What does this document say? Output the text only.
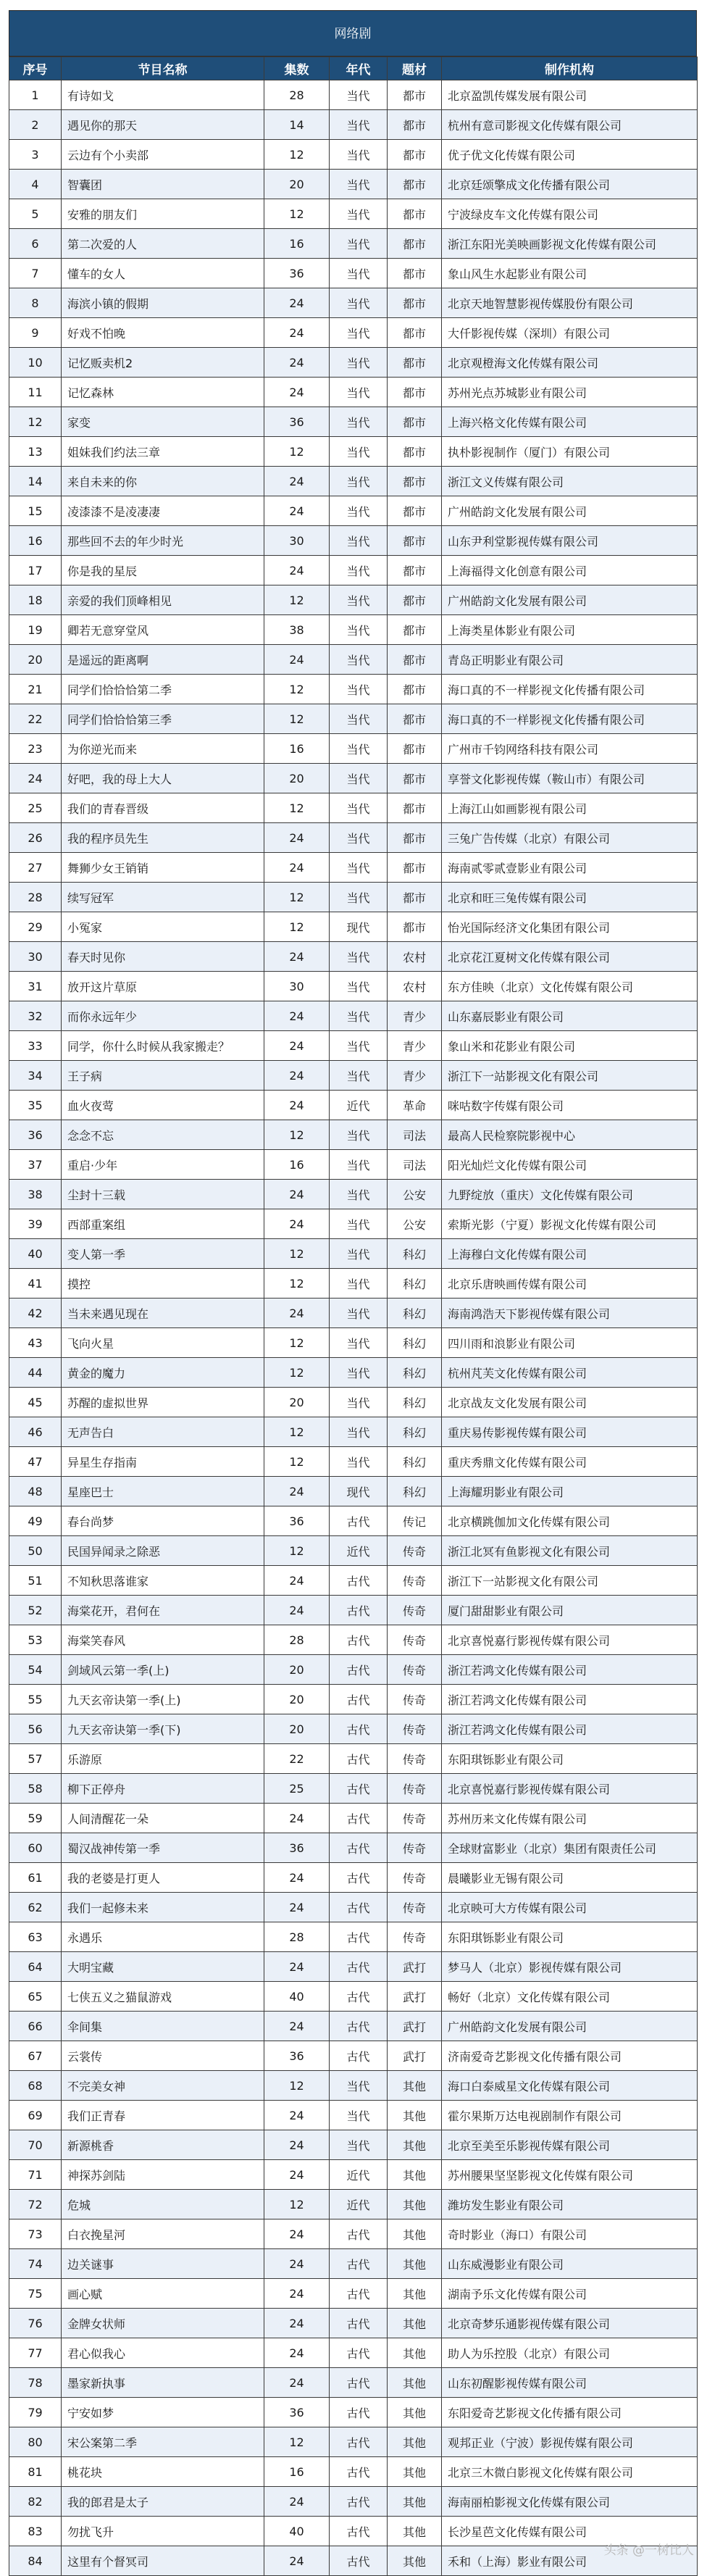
网络剧
序号	节目名称	集数	年代	题材	制作机构
1	有诗如戈	28	当代	都市	北京盈凯传媒发展有限公司
2	遇见你的那天	14	当代	都市	杭州有意司影视文化传媒有限公司
3	云边有个小卖部	12	当代	都市	优子优文化传媒有限公司
4	智囊团	20	当代	都市	北京廷颂擎成文化传播有限公司
5	安雅的朋友们	12	当代	都市	宁波绿皮车文化传媒有限公司
6	第二次爱的人	16	当代	都市	浙江东阳光美映画影视文化传媒有限公司
7	懂车的女人	36	当代	都市	象山风生水起影业有限公司
8	海滨小镇的假期	24	当代	都市	北京天地智慧影视传媒股份有限公司
9	好戏不怕晚	24	当代	都市	大仟影视传媒（深圳）有限公司
10	记忆贩卖机2	24	当代	都市	北京观橙海文化传媒有限公司
11	记忆森林	24	当代	都市	苏州光点苏城影业有限公司
12	家变	36	当代	都市	上海兴格文化传媒有限公司
13	姐妹我们约法三章	12	当代	都市	执朴影视制作（厦门）有限公司
14	来自未来的你	24	当代	都市	浙江文义传媒有限公司
15	凌漆漆不是凌凄凄	24	当代	都市	广州皓韵文化发展有限公司
16	那些回不去的年少时光	30	当代	都市	山东尹利堂影视传媒有限公司
17	你是我的星辰	24	当代	都市	上海福得文化创意有限公司
18	亲爱的我们顶峰相见	12	当代	都市	广州皓韵文化发展有限公司
19	卿若无意穿堂风	38	当代	都市	上海类星体影业有限公司
20	是遥远的距离啊	24	当代	都市	青岛正明影业有限公司
21	同学们恰恰恰第二季	12	当代	都市	海口真的不一样影视文化传播有限公司
22	同学们恰恰恰第三季	12	当代	都市	海口真的不一样影视文化传播有限公司
23	为你逆光而来	16	当代	都市	广州市千钧网络科技有限公司
24	好吧，我的母上大人	20	当代	都市	享誉文化影视传媒（鞍山市）有限公司
25	我们的青春晋级	12	当代	都市	上海江山如画影视有限公司
26	我的程序员先生	24	当代	都市	三兔广告传媒（北京）有限公司
27	舞狮少女王销销	24	当代	都市	海南贰零贰壹影业有限公司
28	续写冠军	12	当代	都市	北京和旺三兔传媒有限公司
29	小冤家	12	现代	都市	怡光国际经济文化集团有限公司
30	春天时见你	24	当代	农村	北京花江夏树文化传媒有限公司
31	放开这片草原	30	当代	农村	东方佳映（北京）文化传媒有限公司
32	而你永远年少	24	当代	青少	山东嘉辰影业有限公司
33	同学，你什么时候从我家搬走？	24	当代	青少	象山米和花影业有限公司
34	王子病	24	当代	青少	浙江下一站影视文化有限公司
35	血火夜莺	24	近代	革命	咪咕数字传媒有限公司
36	念念不忘	12	当代	司法	最高人民检察院影视中心
37	重启·少年	16	当代	司法	阳光灿烂文化传媒有限公司
38	尘封十三载	24	当代	公安	九野绽放（重庆）文化传媒有限公司
39	西部重案组	24	当代	公安	索斯光影（宁夏）影视文化传媒有限公司
40	变人第一季	12	当代	科幻	上海穆白文化传媒有限公司
41	摸控	12	当代	科幻	北京乐唐映画传媒有限公司
42	当未来遇见现在	24	当代	科幻	海南鸿浩天下影视传媒有限公司
43	飞向火星	12	当代	科幻	四川雨和浪影业有限公司
44	黄金的魔力	12	当代	科幻	杭州芃芙文化传媒有限公司
45	苏醒的虚拟世界	20	当代	科幻	北京战友文化发展有限公司
46	无声告白	12	当代	科幻	重庆易传影视传媒有限公司
47	异星生存指南	12	当代	科幻	重庆秀鼎文化传媒有限公司
48	星座巴士	24	现代	科幻	上海耀玥影业有限公司
49	春台尚梦	36	古代	传记	北京横跳伽加文化传媒有限公司
50	民国异闻录之除恶	12	近代	传奇	浙江北冥有鱼影视文化有限公司
51	不知秋思落谁家	24	古代	传奇	浙江下一站影视文化有限公司
52	海棠花开，君何在	24	古代	传奇	厦门甜甜影业有限公司
53	海棠笑春风	28	古代	传奇	北京喜悦嘉行影视传媒有限公司
54	剑域风云第一季(上)	20	古代	传奇	浙江若鸿文化传媒有限公司
55	九天玄帝诀第一季(上)	20	古代	传奇	浙江若鸿文化传媒有限公司
56	九天玄帝诀第一季(下)	20	古代	传奇	浙江若鸿文化传媒有限公司
57	乐游原	22	古代	传奇	东阳琪铄影业有限公司
58	柳下正停舟	25	古代	传奇	北京喜悦嘉行影视传媒有限公司
59	人间清醒花一朵	24	古代	传奇	苏州历来文化传媒有限公司
60	蜀汉战神传第一季	36	古代	传奇	全球财富影业（北京）集团有限责任公司
61	我的老婆是打更人	24	古代	传奇	晨曦影业无锡有限公司
62	我们一起修未来	24	古代	传奇	北京映可大方传媒有限公司
63	永遇乐	28	古代	传奇	东阳琪铄影业有限公司
64	大明宝藏	24	古代	武打	梦马人（北京）影视传媒有限公司
65	七侠五义之猫鼠游戏	40	古代	武打	畅好（北京）文化传媒有限公司
66	伞间集	24	古代	武打	广州皓韵文化发展有限公司
67	云裳传	36	古代	武打	济南爱奇艺影视文化传播有限公司
68	不完美女神	12	当代	其他	海口白泰威星文化传媒有限公司
69	我们正青春	24	当代	其他	霍尔果斯万达电视剧制作有限公司
70	新源桃香	24	当代	其他	北京至美至乐影视传媒有限公司
71	神探苏剑陆	24	近代	其他	苏州腰果坚坚影视文化传媒有限公司
72	危城	12	近代	其他	潍坊发生影业有限公司
73	白衣挽星河	24	古代	其他	奇时影业（海口）有限公司
74	边关谜事	24	古代	其他	山东威漫影业有限公司
75	画心赋	24	古代	其他	湖南予乐文化传媒有限公司
76	金牌女状师	24	古代	其他	北京奇梦乐通影视传媒有限公司
77	君心似我心	24	古代	其他	助人为乐控股（北京）有限公司
78	墨家新执事	24	古代	其他	山东初醒影视传媒有限公司
79	宁安如梦	36	古代	其他	东阳爱奇艺影视文化传播有限公司
80	宋公案第二季	12	古代	其他	观邦正业（宁波）影视传媒有限公司
81	桃花块	16	古代	其他	北京三木微白影视文化传媒有限公司
82	我的郎君是太子	24	古代	其他	海南丽柏影视文化传媒有限公司
83	勿扰飞升	40	古代	其他	长沙星芭文化传媒有限公司
84	这里有个督冥司	24	古代	其他	禾和（上海）影业有限公司
头条 @一树比人
